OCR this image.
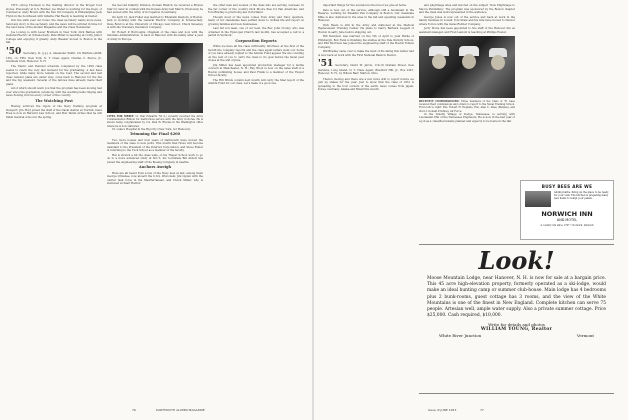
CITY.—Doug Thomson is the training director in the Kroger food stores. Previously at U.S. Rubber, Joe Weber is working for the Dept. of Commerce; Andy Brown with the Sun Oil Company in Philadelphia; Jack Flynn in the Southwest with Gillette; Hal Reedy is teaching at Dexter.

Into the sixth year our notes: the class secretary wants more news. Send any story to the secretary, and the news will be printed in time for the next issue of the Alumni Magazine and the Class Newsletter.

Joe Lowrey is with Lever Brothers in New York; Dick Barnes with General Electric at Schenectady; Pete Miller is teaching at Colby Junior College and enjoying it greatly. Andy Bleeker moved to Boston in the fall.

'50 Secretary, Lt. (j.g.) A. Alexander Smith, CO Warfare (ADM-156), c/o FPO, New York, N. Y. Class Agent, Charles C. Pierce, Jr., Graduate Club, Hanover, N. H.

The frantic and frenzied schedule completed by the 1950 class seems to reach the very last moment for the graduating. A few have reported, while many more remain on the road. The second and last class reunion plans are under way; come back to Hanover for the fun and the big weekend. Several of the fellows have already made their plans.

All of which should warn you that the program has been moving fast ever since the graduation ceremony, with the wedding bells ringing and news flowing in from every corner of the country.

The Watching Post

Having survived the rigors of the Navy training program at Newport, Jim Hoyt joined the staff of the Naval station at Norfolk. Dave Ross is now at Harvard Law School, and Bob Tamm writes that he will finish medical school in the spring.

the Second Infantry Division, Korean Branch, he received a Bronze Star for valor in combat with the Korean Army last March. Previously he had served with the Army of Occupation in Germany.

On April 15, Jack Fuller was married to Elizabeth Peabody of Boston. Jack is working with the General Electric Company in Schenectady. Dave Bond is at the University of Chicago Law School; Chuck Sweeney is with the Travelers Insurance Company.

Dr. Robert P. Burroughs, Chaplain of the class and now with the Veterans Administration, is back in Hanover with his family after a year of study in Europe.

CITES FOR MERIT: Lt. Dan Edwards '50 (l.) recently received the Army Commendation Ribbon for meritorious service with the Army in Korea. He is shown being congratulated by Col. Paul W. Rhodes in the Washington office where he is now stationed.

St. Luke's Hospital in the Big City (New York, not Hanover).

Trimming the Final $200

Two more bosses and four years of Dartmouth have moved the members of the class to new posts. This month Dan Howe will become Assistant to the President of the Polaroid Corporation, and Steve Fisher is returning to the Tuck School as a member of the faculty.

Hal is stretch a bit the class wide, of his Thayer School work to go on to a more advanced study at M.I.T.; his roommate Bill Abbott has joined the engineering staff of the Boeing Company in Seattle.

Anchors Aweigh

Here are all heard from a few of the Navy men at last, among them George Ormsbee, now aboard the U.S.S. Wisconsin; Jim Ogden with the carrier task force in the Mediterranean, and Chuck Miller, who is stationed at Pearl Harbor.

the other men and women of the class who are serving overseas. In the far corner of the country Dick Moore flies for Pan American, and Tom Bradley is practicing law in Portland.

Though most of the news comes from Army and Navy quarters, many of our classmates have settled down to civilian life and report on growing families and new businesses.

Last but not least, one of our best, the Rev. John Crosby, who was ordained in the Episcopal Church last month, has accepted a call to a parish in Vermont.

Corporation Reports

While we have all the class sufficiently informed, at the first of the month the company reports and the class agent letters went out. Some of you have already replied to the Alumni Fund appeal. We are counting on the rest of you to carry the class to its goal before the fiscal year closes at the end of June.

Jim Miller has been appointed production manager for a textile concern in Manchester, N. H.; Ray Wood is now on the sales staff of a Boston publishing house; and Paul Frank is a member of the Thayer School faculty.

The Hill Winds column next month will carry the final report of the Alumni Fund for our class. Let's make it a good one.

76	DARTMOUTH ALUMNI MAGAZINE

important things for the wounded is the blood we give at home.

Pete is now out of the service, although still a lieutenant in the Reserve, working for Sheaffer Pen Company in Boston. Our classmate Mike is also stationed in the area in the fall and spending weekends in Hanover.

Dick Beers is still in the Army and stationed at the Medical Replacement Training Center. He plans to marry Barbara Leggett of Boston in early June before shipping out.

Bill Davidson was married on the 5th of April to Joan Burke of Pittsburgh. Bob Fenn is finishing his studies at the Yale Divinity School, and Phil Morrison has joined the engineering staff of the Boston Edison Company.

Bill Bradley came over to make the most of his skiing this winter and is now back at work with the First National Bank in Boston.

'51 Secretary, David W. Jarvis, 119-19 Graham Street, Kew Gardens, Long Island, N. Y. Class Agent, Bradford Hill, Jr., Box 2347, Hanover, N. H., by Wilson Barr, Marion, Ohio.

There's moving and there are a few more still to report before we pull up stakes for the year. Just to show that the class of 1951 is spreading to the four corners of the earth, news comes from Japan, Korea, Germany, Alaska and Brazil this month.

and pilgrimage sites and favored on the subject 'New Pilgrimage to Mecca Publishing.' The program was sponsored by the Boston chapter and the class was well represented in the audience.

George Jones is now out of the service and back at work in the family business in Lowell. Tom Shaw and his wife have moved to Denver where Tom is with the Gates Rubber Company.

Jerry Stone has been appointed to the staff of the Hanover Inn as assistant manager, and Fred Lamont is teaching at Phillips Exeter.

RECENTLY COMMISSIONED: Three members of the Class of '51 have received their commissions and orders to report to the Naval Training School. From left to right: Ens. Robert H. Hopkins, Ens. Alan C. Atlee (Rennes), and 2nd Lt. Donald P. Kibbey, Air Force.

in the Tenafly Village of Dodge, Tennessee, is serving with Lieutenant Phil of the Tennessee Engineers. He is now in the last year of a job as a classified missile planner and expects to be home in the fall.

BUSY BEES ARE WE
Adding baths, fixing up the place to be ready for your visit. The kitchen is preparing many new items to tempt your palate.
NORWICH INN
AND MOTEL
A country inn since 1797 • Norwich, Vermont
Look!
Moose Mountain Lodge, near Hanover, N. H. is now for sale at a bargain price. This 45 acre high-elevation property, formerly operated as a ski-lodge, would make an ideal hunting camp or summer club-house. Main lodge has 4 bedrooms plus 2 bunk-rooms, guest cottage has 3 rooms, and the view of the White Mountains is one of the finest in New England. Complete kitchen can serve 75 people. Artesian well, ample water supply. Also a private summer cottage. Price $25,000. Cash required, $10,000.
Write for details and photos
WILLIAM YOUNG, Realtor
White River Junction	Vermont
Issue of JUNE 1953	77
